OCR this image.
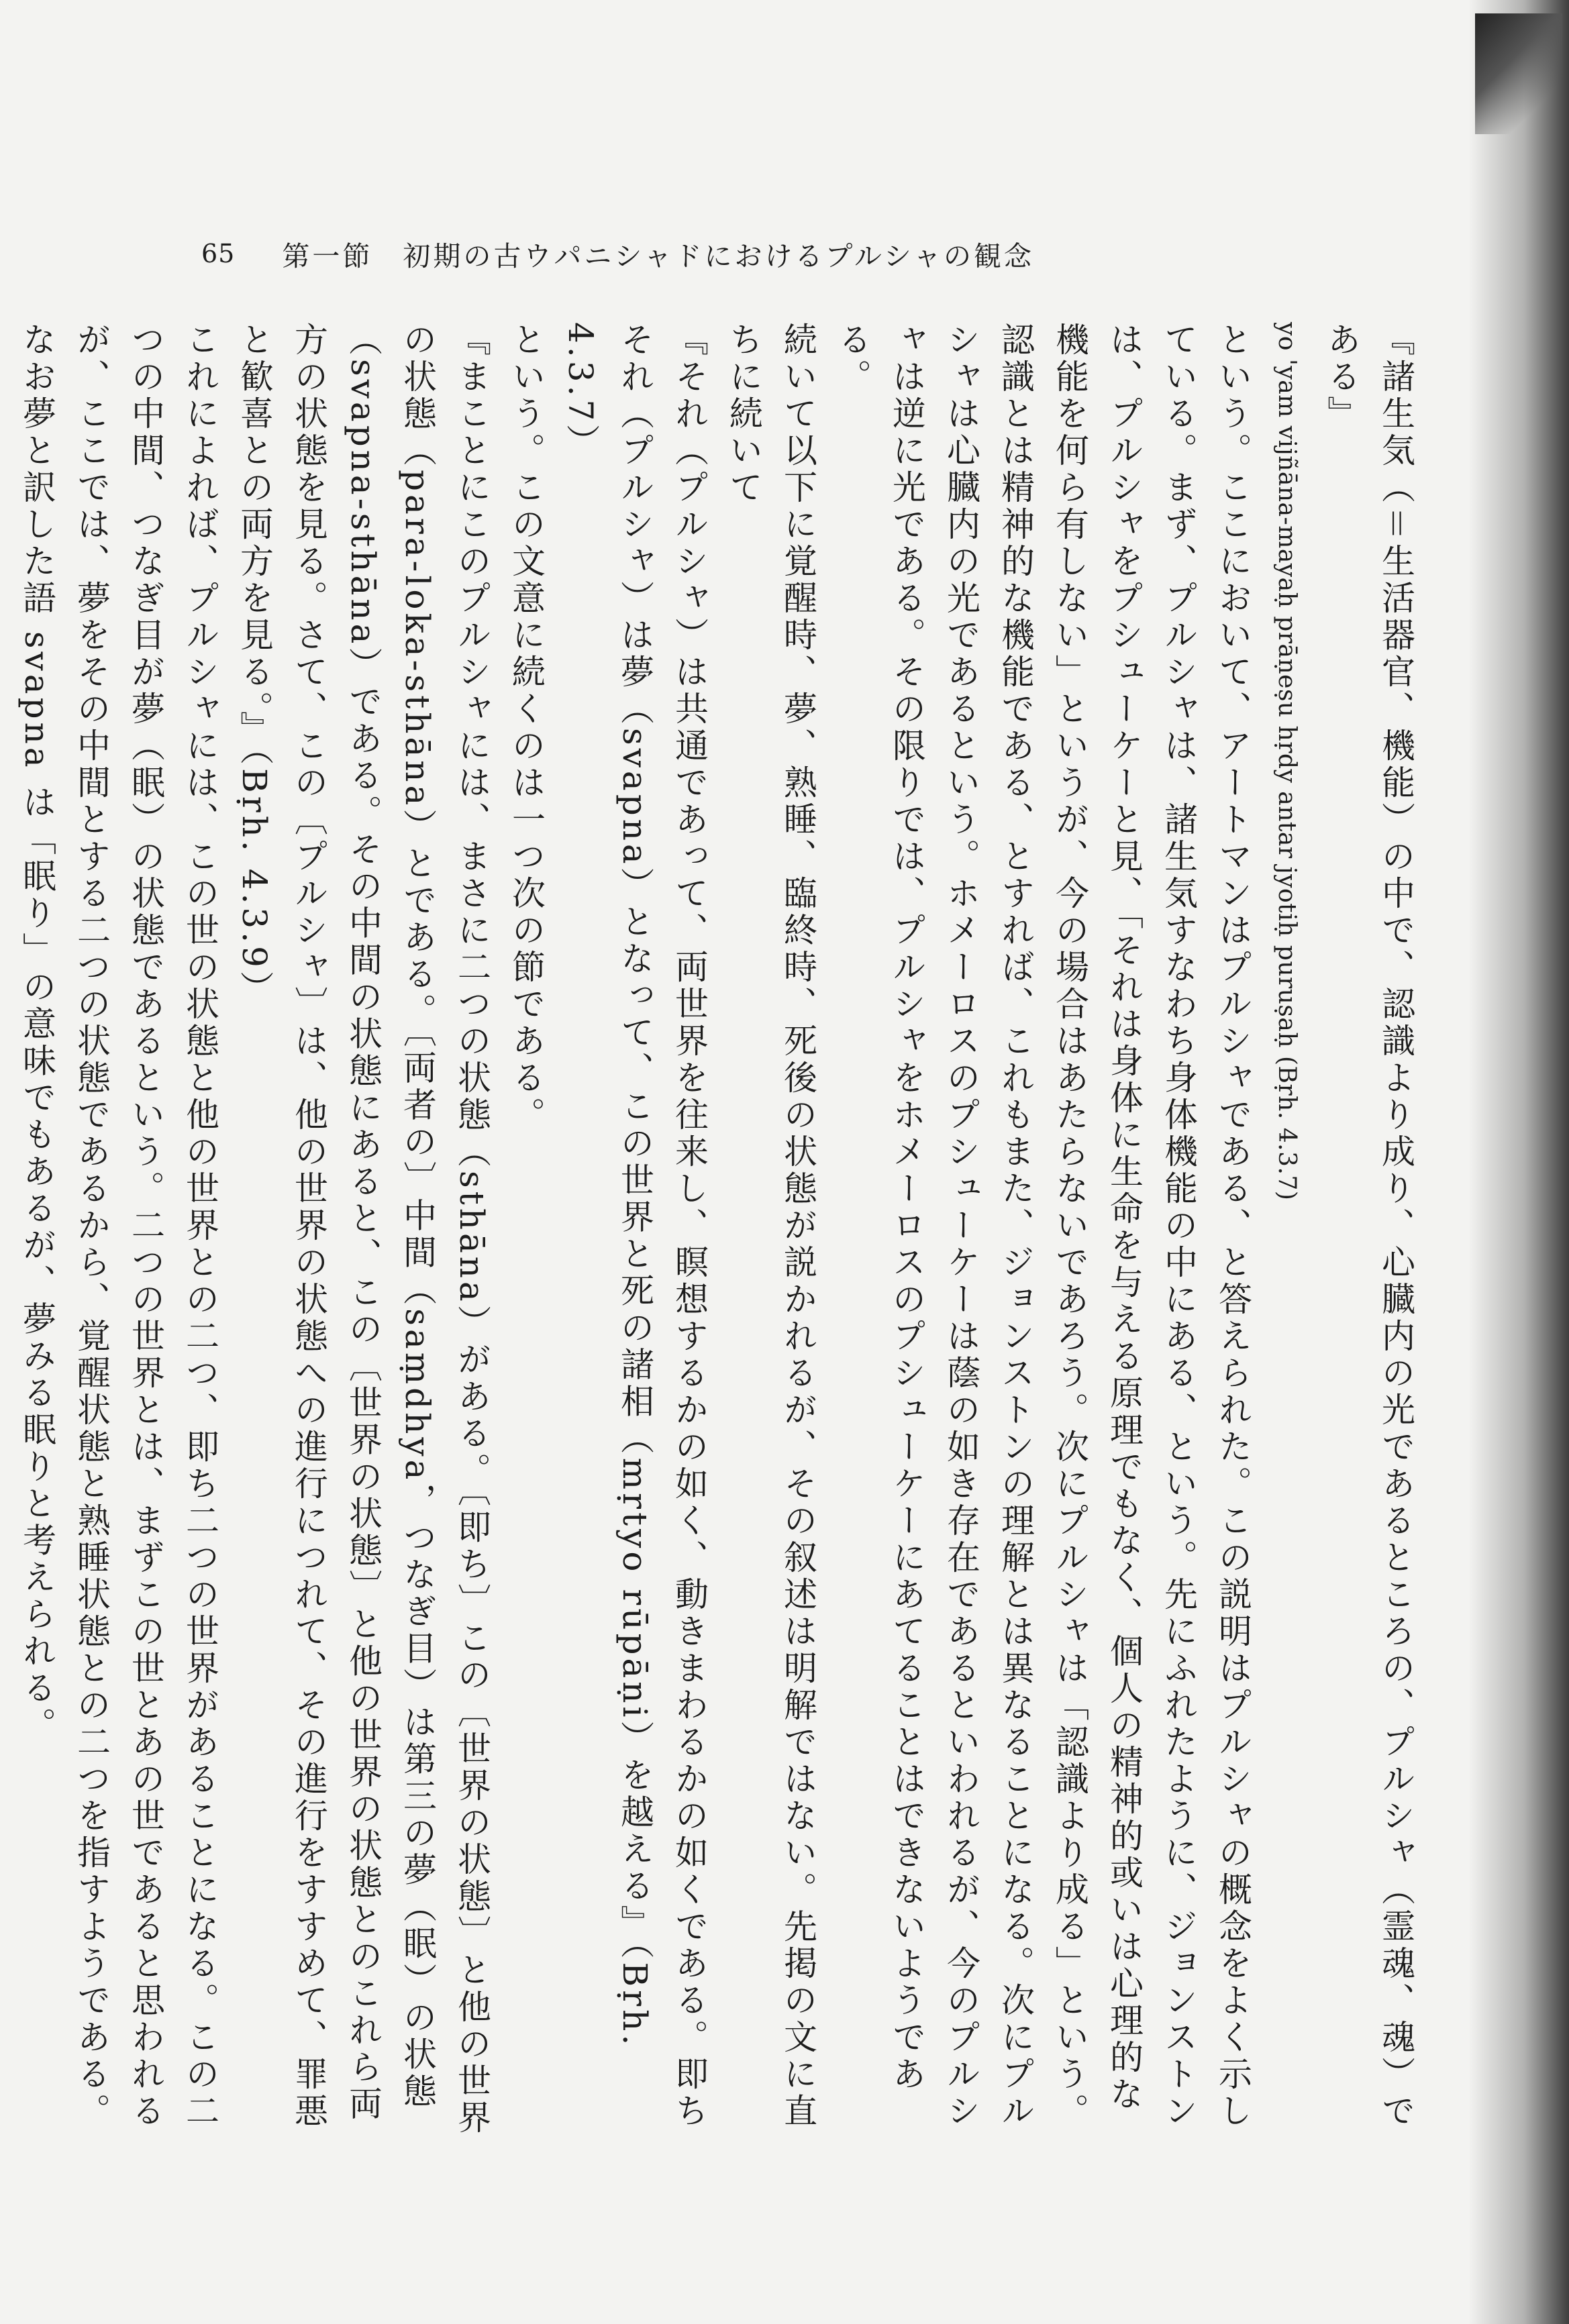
65 第一節　初期の古ウパニシャドにおけるプルシャの観念

『諸生気（＝生活器官、機能）の中で、認識より成り、心臓内の光であるところの、プルシャ（霊魂、魂）である』

yo 'yam vijñāna-mayaḥ prāṇeṣu hṛdy antar jyotiḥ puruṣaḥ (Bṛh. 4.3.7)

という。ここにおいて、アートマンはプルシャである、と答えられた。この説明はプルシャの概念をよく示している。まず、プルシャは、諸生気すなわち身体機能の中にある、という。先にふれたように、ジョンストンは、プルシャをプシューケーと見、「それは身体に生命を与える原理でもなく、個人の精神的或いは心理的な機能を何ら有しない」というが、今の場合はあたらないであろう。次にプルシャは「認識より成る」という。認識とは精神的な機能である、とすれば、これもまた、ジョンストンの理解とは異なることになる。次にプルシャは心臓内の光であるという。ホメーロスのプシューケーは蔭の如き存在であるといわれるが、今のプルシャは逆に光である。その限りでは、プルシャをホメーロスのプシューケーにあてることはできないようである。

続いて以下に覚醒時、夢、熟睡、臨終時、死後の状態が説かれるが、その叙述は明解ではない。先掲の文に直ちに続いて

『それ（プルシャ）は共通であって、両世界を往来し、瞑想するかの如く、動きまわるかの如くである。即ちそれ（プルシャ）は夢（svapna）となって、この世界と死の諸相（mṛtyo rūpāṇi）を越える』（Bṛh. 4.3.7）

という。この文意に続くのは一つ次の節である。

『まことにこのプルシャには、まさに二つの状態（sthāna）がある。〔即ち〕この〔世界の状態〕と他の世界の状態（para-loka-sthāna）とである。〔両者の〕中間（saṃdhya，つなぎ目）は第三の夢（眠）の状態（svapna-sthāna）である。その中間の状態にあると、この〔世界の状態〕と他の世界の状態とのこれら両方の状態を見る。さて、この〔プルシャ〕は、他の世界の状態への進行につれて、その進行をすすめて、罪悪と歓喜との両方を見る。』（Bṛh. 4.3.9）

これによれば、プルシャには、この世の状態と他の世界との二つ、即ち二つの世界があることになる。この二つの中間、つなぎ目が夢（眠）の状態であるという。二つの世界とは、まずこの世とあの世であると思われるが、ここでは、夢をその中間とする二つの状態であるから、覚醒状態と熟睡状態との二つを指すようである。なお夢と訳した語 svapna は「眠り」の意味でもあるが、夢みる眠りと考えられる。
